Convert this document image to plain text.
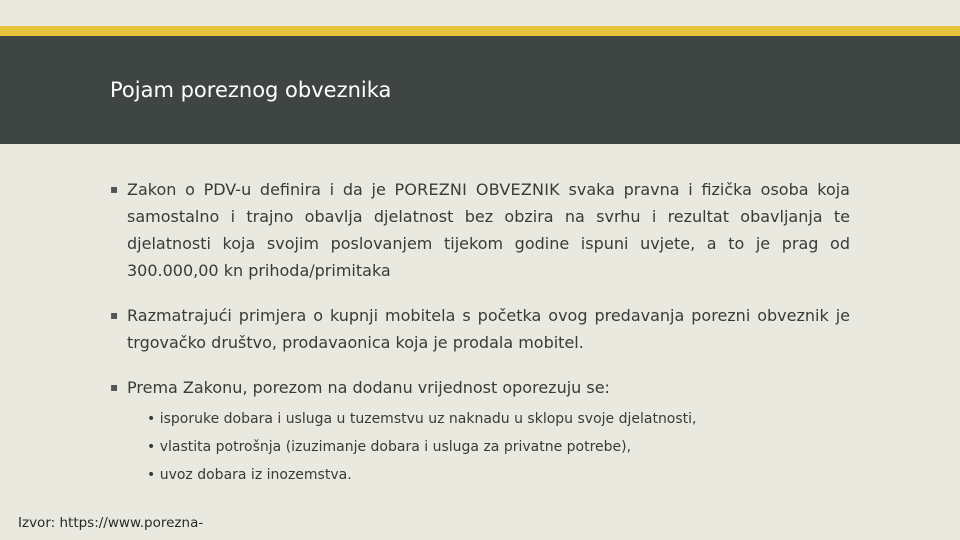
Pojam poreznog obveznika

▪ Zakon o PDV-u definira i da je POREZNI OBVEZNIK svaka pravna i fizička osoba koja samostalno i trajno obavlja djelatnost bez obzira na svrhu i rezultat obavljanja te djelatnosti koja svojim poslovanjem tijekom godine ispuni uvjete, a to je prag od 300.000,00 kn prihoda/primitaka

▪ Razmatrajući primjera o kupnji mobitela s početka ovog predavanja porezni obveznik je trgovačko društvo, prodavaonica koja je prodala mobitel.

▪ Prema Zakonu, porezom na dodanu vrijednost oporezuju se:

• isporuke dobara i usluga u tuzemstvu uz naknadu u sklopu svoje djelatnosti,

• vlastita potrošnja (izuzimanje dobara i usluga za privatne potrebe),

• uvoz dobara iz inozemstva.

Izvor: https://www.porezna-
